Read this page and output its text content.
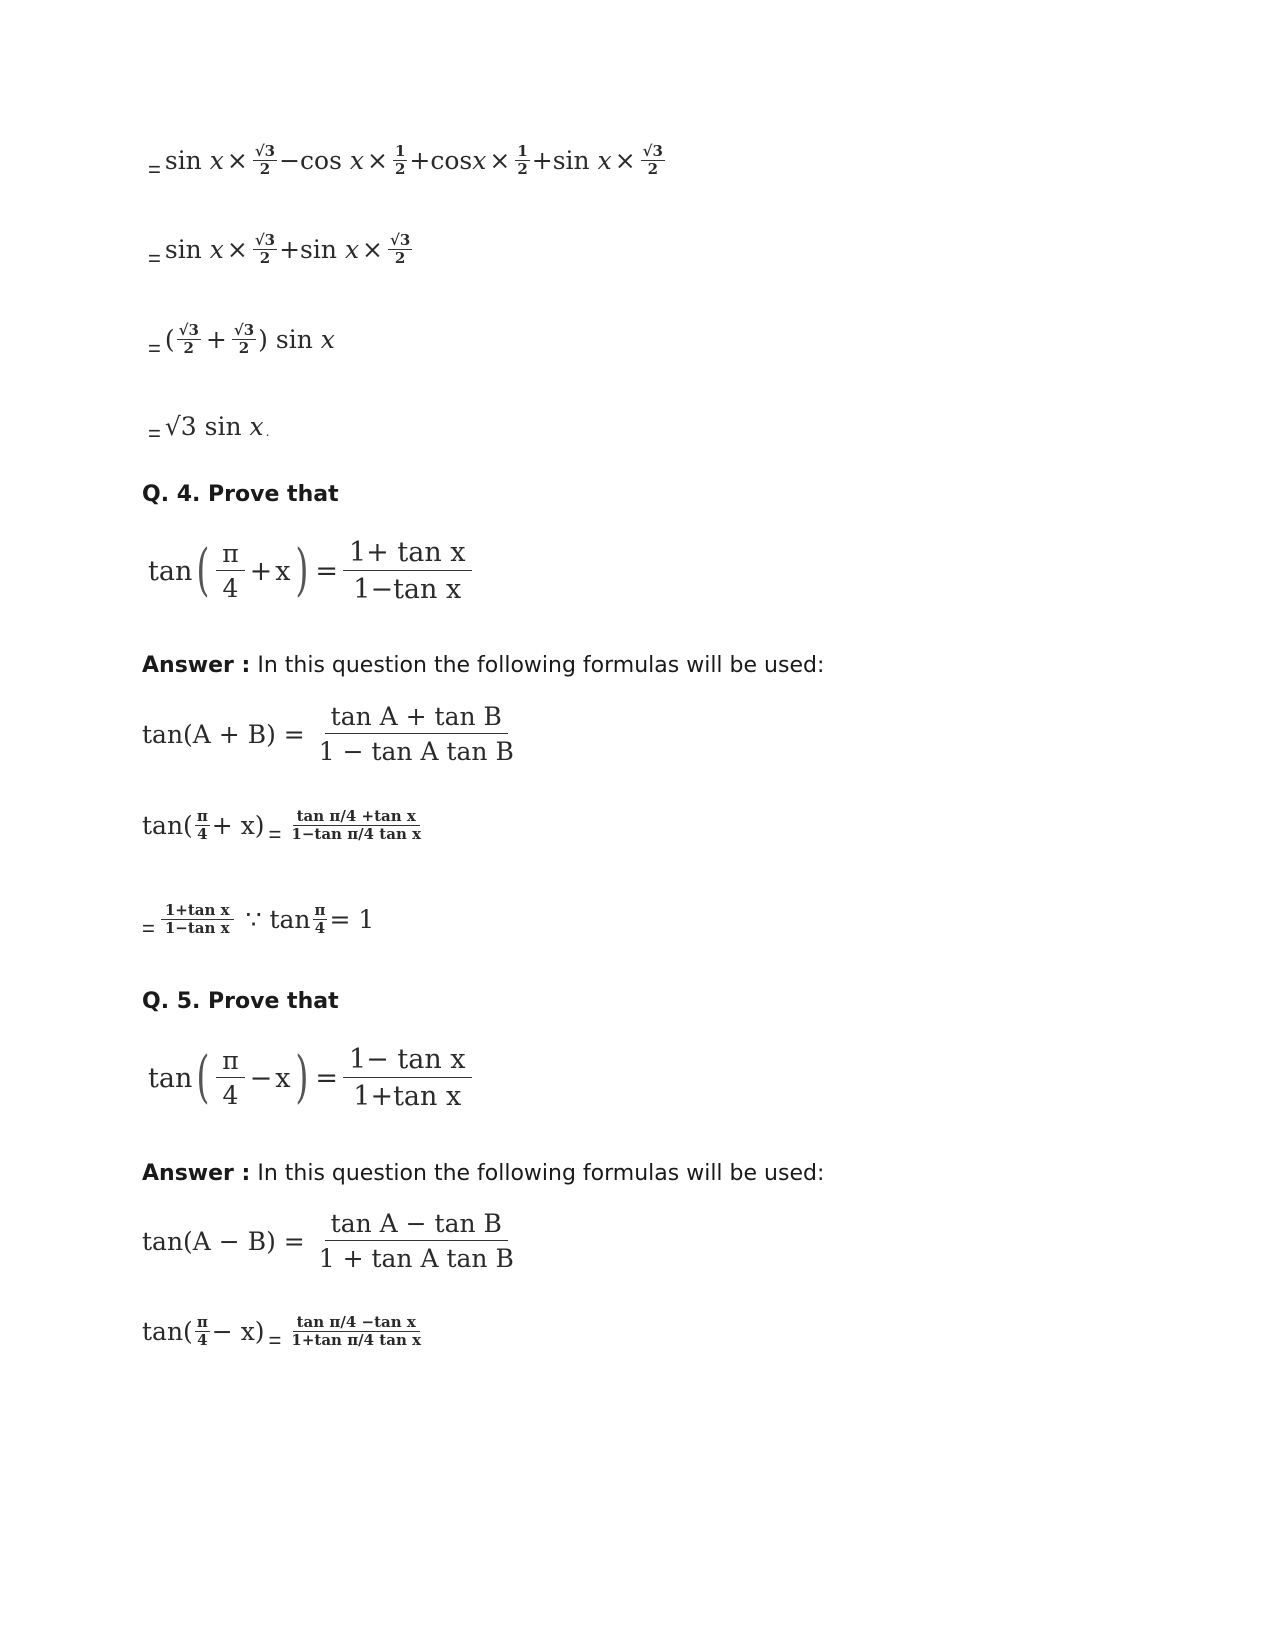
= sin
$x \times \frac{√3}{2} -\cos$
$x \times \frac{1}{2} +\cos$ $x \times \frac{1}{2} +\sin$
$x \times \frac{√3}{2}$
= sin
$x \times \frac{√3}{2} +\sin$
$x \times \frac{√3}{2}$
= ( $\frac{√3}{2} + \frac{√3}{2}$ )
sin
x
= √3 sin
x .
Q. 4. Prove that
tan ( $\frac{\pi}{4} + x$ ) = $\frac{\text{1+ tan x}}{\text{1−tan x}}$
Answer : In this question the following formulas will be used:
$\tan(A + B) = \frac{\text{tan A + tan B}}{\text{1 − tan A tan B}}$
$\tan( \frac{\pi}{4} + x) = \frac{\text{tan π/4 +tan x}}{\text{1−tan π/4 tan x}}$
= $\frac{\text{1+tan x}}{\text{1−tan x}}$ ∵ $\tan \frac{\pi}{4} = 1$
Q. 5. Prove that
tan ( $\frac{\pi}{4} - x$ ) = $\frac{\text{1− tan x}}{\text{1+tan x}}$
Answer : In this question the following formulas will be used:
$\tan(A - B) = \frac{\text{tan A − tan B}}{\text{1 + tan A tan B}}$
$\tan( \frac{\pi}{4} - x) = \frac{\text{tan π/4 −tan x}}{\text{1+tan π/4 tan x}}$
